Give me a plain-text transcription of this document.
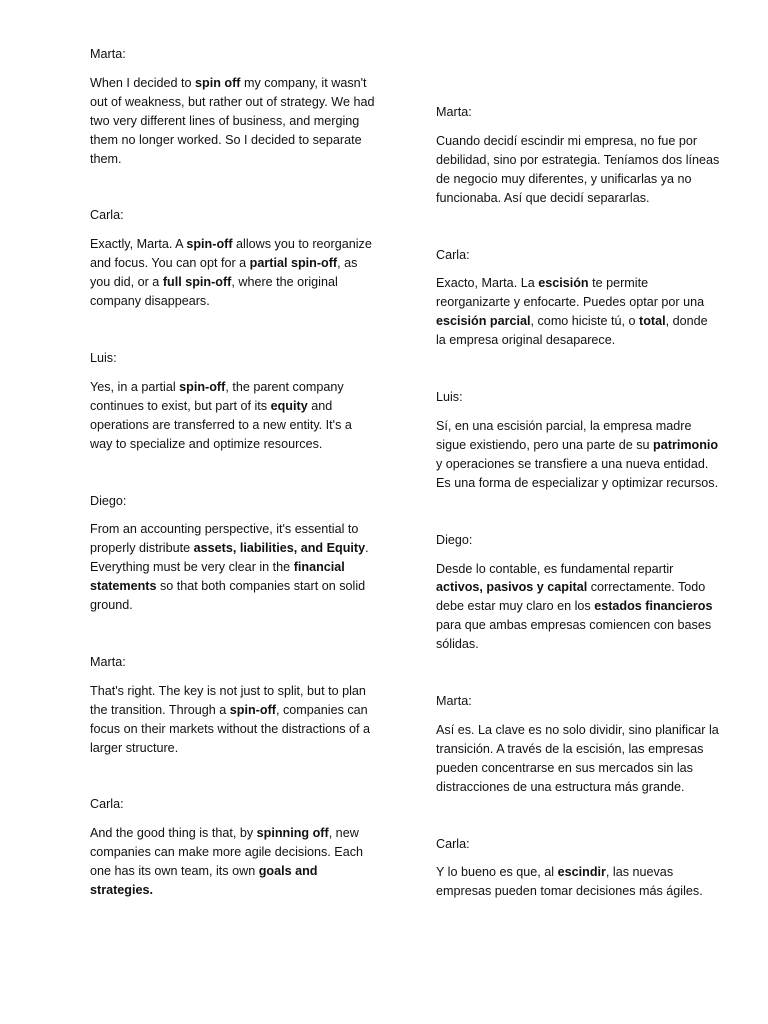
Marta:

When I decided to spin off my company, it wasn't

out of weakness, but rather out of strategy. We had

two very different lines of business, and merging

them no longer worked. So I decided to separate

them.

Carla:

Exactly, Marta. A spin-off allows you to reorganize

and focus. You can opt for a partial spin-off, as

you did, or a full spin-off, where the original

company disappears.

Luis:

Yes, in a partial spin-off, the parent company

continues to exist, but part of its equity and

operations are transferred to a new entity. It's a

way to specialize and optimize resources.

Diego:

From an accounting perspective, it's essential to

properly distribute assets, liabilities, and Equity.

Everything must be very clear in the financial

statements so that both companies start on solid

ground.

Marta:

That's right. The key is not just to split, but to plan

the transition. Through a spin-off, companies can

focus on their markets without the distractions of a

larger structure.

Carla:

And the good thing is that, by spinning off, new

companies can make more agile decisions. Each

one has its own team, its own goals and

strategies.

Marta:

Cuando decidí escindir mi empresa, no fue por

debilidad, sino por estrategia. Teníamos dos líneas

de negocio muy diferentes, y unificarlas ya no

funcionaba. Así que decidí separarlas.

Carla:

Exacto, Marta. La escisión te permite

reorganizarte y enfocarte. Puedes optar por una

escisión parcial, como hiciste tú, o total, donde

la empresa original desaparece.

Luis:

Sí, en una escisión parcial, la empresa madre

sigue existiendo, pero una parte de su patrimonio

y operaciones se transfiere a una nueva entidad.

Es una forma de especializar y optimizar recursos.

Diego:

Desde lo contable, es fundamental repartir

activos, pasivos y capital correctamente. Todo

debe estar muy claro en los estados financieros

para que ambas empresas comiencen con bases

sólidas.

Marta:

Así es. La clave es no solo dividir, sino planificar la

transición. A través de la escisión, las empresas

pueden concentrarse en sus mercados sin las

distracciones de una estructura más grande.

Carla:

Y lo bueno es que, al escindir, las nuevas

empresas pueden tomar decisiones más ágiles.
